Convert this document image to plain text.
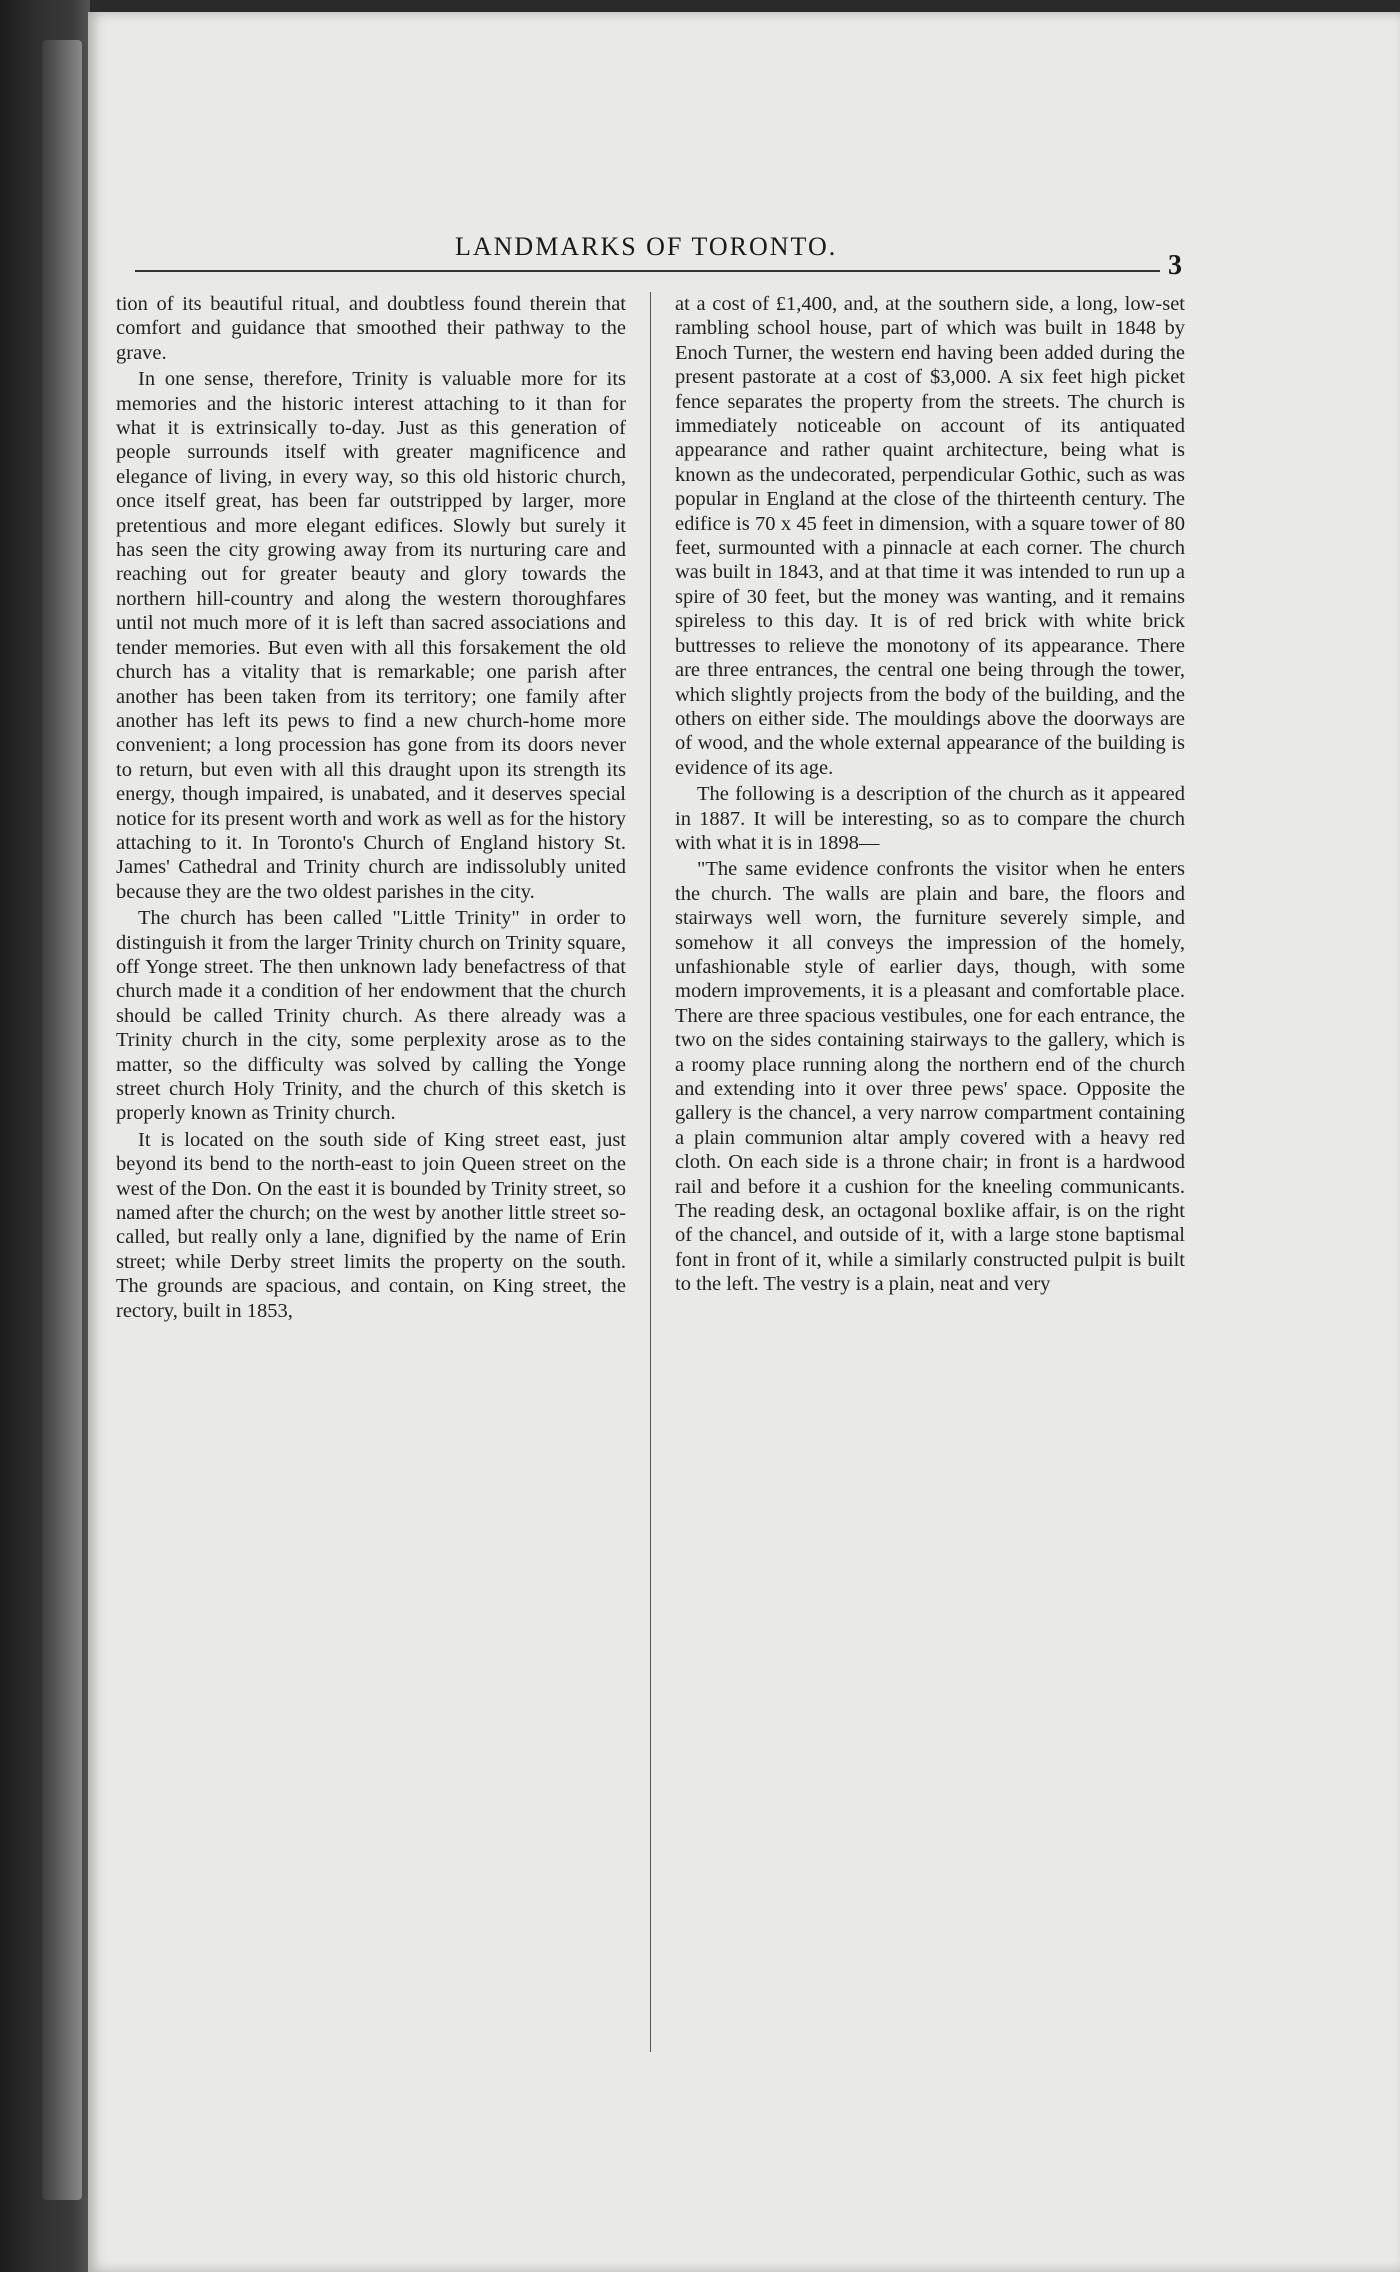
LANDMARKS OF TORONTO.
3

tion of its beautiful ritual, and doubtless found therein that comfort and guidance that smoothed their pathway to the grave.

In one sense, therefore, Trinity is valuable more for its memories and the historic interest attaching to it than for what it is extrinsically to-day. Just as this generation of people surrounds itself with greater magnificence and elegance of living, in every way, so this old historic church, once itself great, has been far outstripped by larger, more pretentious and more elegant edifices. Slowly but surely it has seen the city growing away from its nurturing care and reaching out for greater beauty and glory towards the northern hill-country and along the western thoroughfares until not much more of it is left than sacred associations and tender memories. But even with all this forsakement the old church has a vitality that is remarkable; one parish after another has been taken from its territory; one family after another has left its pews to find a new church-home more convenient; a long procession has gone from its doors never to return, but even with all this draught upon its strength its energy, though impaired, is unabated, and it deserves special notice for its present worth and work as well as for the history attaching to it. In Toronto's Church of England history St. James' Cathedral and Trinity church are indissolubly united because they are the two oldest parishes in the city.

The church has been called "Little Trinity" in order to distinguish it from the larger Trinity church on Trinity square, off Yonge street. The then unknown lady benefactress of that church made it a condition of her endowment that the church should be called Trinity church. As there already was a Trinity church in the city, some perplexity arose as to the matter, so the difficulty was solved by calling the Yonge street church Holy Trinity, and the church of this sketch is properly known as Trinity church.

It is located on the south side of King street east, just beyond its bend to the north-east to join Queen street on the west of the Don. On the east it is bounded by Trinity street, so named after the church; on the west by another little street so-called, but really only a lane, dignified by the name of Erin street; while Derby street limits the property on the south. The grounds are spacious, and contain, on King street, the rectory, built in 1853,

at a cost of £1,400, and, at the southern side, a long, low-set rambling school house, part of which was built in 1848 by Enoch Turner, the western end having been added during the present pastorate at a cost of $3,000. A six feet high picket fence separates the property from the streets. The church is immediately noticeable on account of its antiquated appearance and rather quaint architecture, being what is known as the undecorated, perpendicular Gothic, such as was popular in England at the close of the thirteenth century. The edifice is 70 x 45 feet in dimension, with a square tower of 80 feet, surmounted with a pinnacle at each corner. The church was built in 1843, and at that time it was intended to run up a spire of 30 feet, but the money was wanting, and it remains spireless to this day. It is of red brick with white brick buttresses to relieve the monotony of its appearance. There are three entrances, the central one being through the tower, which slightly projects from the body of the building, and the others on either side. The mouldings above the doorways are of wood, and the whole external appearance of the building is evidence of its age.

The following is a description of the church as it appeared in 1887. It will be interesting, so as to compare the church with what it is in 1898—

"The same evidence confronts the visitor when he enters the church. The walls are plain and bare, the floors and stairways well worn, the furniture severely simple, and somehow it all conveys the impression of the homely, unfashionable style of earlier days, though, with some modern improvements, it is a pleasant and comfortable place. There are three spacious vestibules, one for each entrance, the two on the sides containing stairways to the gallery, which is a roomy place running along the northern end of the church and extending into it over three pews' space. Opposite the gallery is the chancel, a very narrow compartment containing a plain communion altar amply covered with a heavy red cloth. On each side is a throne chair; in front is a hardwood rail and before it a cushion for the kneeling communicants. The reading desk, an octagonal boxlike affair, is on the right of the chancel, and outside of it, with a large stone baptismal font in front of it, while a similarly constructed pulpit is built to the left. The vestry is a plain, neat and very
